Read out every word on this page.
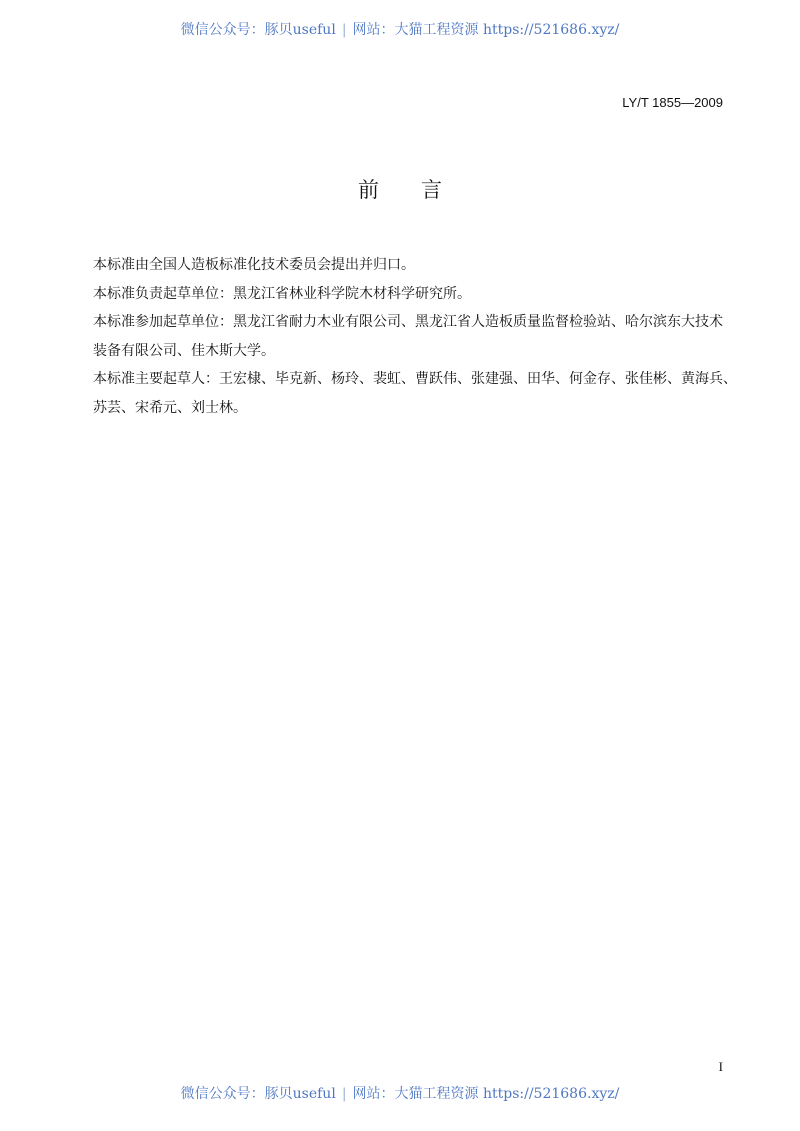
微信公众号：豚贝useful | 网站：大猫工程资源 https://521686.xyz/
LY/T 1855—2009
前 言
本标准由全国人造板标准化技术委员会提出并归口。
本标准负责起草单位：黑龙江省林业科学院木材科学研究所。
本标准参加起草单位：黑龙江省耐力木业有限公司、黑龙江省人造板质量监督检验站、哈尔滨东大技术
装备有限公司、佳木斯大学。
本标准主要起草人：王宏棣、毕克新、杨玲、裴虹、曹跃伟、张建强、田华、何金存、张佳彬、黄海兵、
苏芸、宋希元、刘士林。
I
微信公众号：豚贝useful | 网站：大猫工程资源 https://521686.xyz/
